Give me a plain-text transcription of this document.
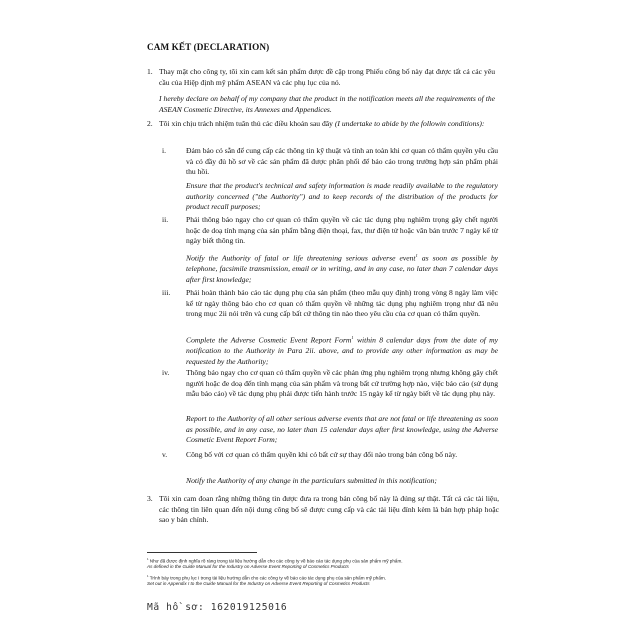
CAM KẾT (DECLARATION)
1. Thay mặt cho công ty, tôi xin cam kết sản phẩm được đề cập trong Phiếu công bố này đạt được tất cả các yêu cầu của Hiệp định mỹ phẩm ASEAN và các phụ lục của nó.
I hereby declare on behalf of my company that the product in the notification meets all the requirements of the ASEAN Cosmetic Directive, its Annexes and Appendices.
2. Tôi xin chịu trách nhiệm tuân thủ các điều khoản sau đây (I undertake to abide by the followin conditions):
i.	Đảm bảo có sẵn để cung cấp các thông tin kỹ thuật và tính an toàn khi cơ quan có thẩm quyền yêu cầu và có đầy đủ hồ sơ về các sản phẩm đã được phân phối để báo cáo trong trường hợp sản phẩm phải thu hồi.
Ensure that the product's technical and safety information is made readily available to the regulatory authority concerned ("the Authority") and to keep records of the distribution of the products for product recall purposes;
ii. Phải thông báo ngay cho cơ quan có thẩm quyền về các tác dụng phụ nghiêm trọng gây chết người hoặc đe doạ tính mạng của sản phẩm bằng điện thoại, fax, thư điện tử hoặc văn bản trước 7 ngày kể từ ngày biết thông tin.
Notify the Authority of fatal or life threatening serious adverse event$^1$ as soon as possible by telephone, facsimile transmission, email or in writing, and in any case, no later than 7 calendar days after first knowledge;
iii. Phải hoàn thành báo cáo tác dụng phụ của sản phẩm (theo mẫu quy định) trong vòng 8 ngày làm việc kể từ ngày thông báo cho cơ quan có thẩm quyền về những tác dụng phụ nghiêm trọng như đã nêu trong mục 2ii nói trên và cung cấp bất cứ thông tin nào theo yêu cầu của cơ quan có thẩm quyền.
Complete the Adverse Cosmetic Event Report Form$^1$ within 8 calendar days from the date of my notification to the Authority in Para 2ii. above, and to provide any other information as may be requested by the Authority;
iv. Thông báo ngay cho cơ quan có thẩm quyền về các phản ứng phụ nghiêm trọng nhưng không gây chết người hoặc đe doạ đến tính mạng của sản phẩm và trong bất cứ trường hợp nào, việc báo cáo (sử dụng mẫu báo cáo) về tác dụng phụ phải được tiến hành trước 15 ngày kể từ ngày biết về tác dụng phụ này.
Report to the Authority of all other serious adverse events that are not fatal or life threatening as soon as possible, and in any case, no later than 15 calendar days after first knowledge, using the Adverse Cosmetic Event Report Form;
v. Công bố với cơ quan có thẩm quyền khi có bất cứ sự thay đổi nào trong bản công bố này.
Notify the Authority of any change in the particulars submitted in this notification;
3. Tôi xin cam đoan rằng những thông tin được đưa ra trong bản công bố này là đúng sự thật. Tất cả các tài liệu, các thông tin liên quan đến nội dung công bố sẽ được cung cấp và các tài liệu đính kèm là bản hợp pháp hoặc sao y bản chính.
$^1$ Như đã được định nghĩa rõ ràng trong tài liệu hướng dẫn cho các công ty về báo cáo tác dụng phụ của sản phẩm mỹ phẩm.
As defined in the Guide Manual for the Industry on Adverse Event Reporting of Cosmetics Products
$^1$ Trình bày trong phụ lục I trong tài liệu hướng dẫn cho các công ty về báo cáo tác dụng phụ của sản phẩm mỹ phẩm.
Set out in Appendix I to the Guide Manual for the Industry on Adverse Event Reporting of Cosmetics Products
Mã hồ sơ: 162019125016
